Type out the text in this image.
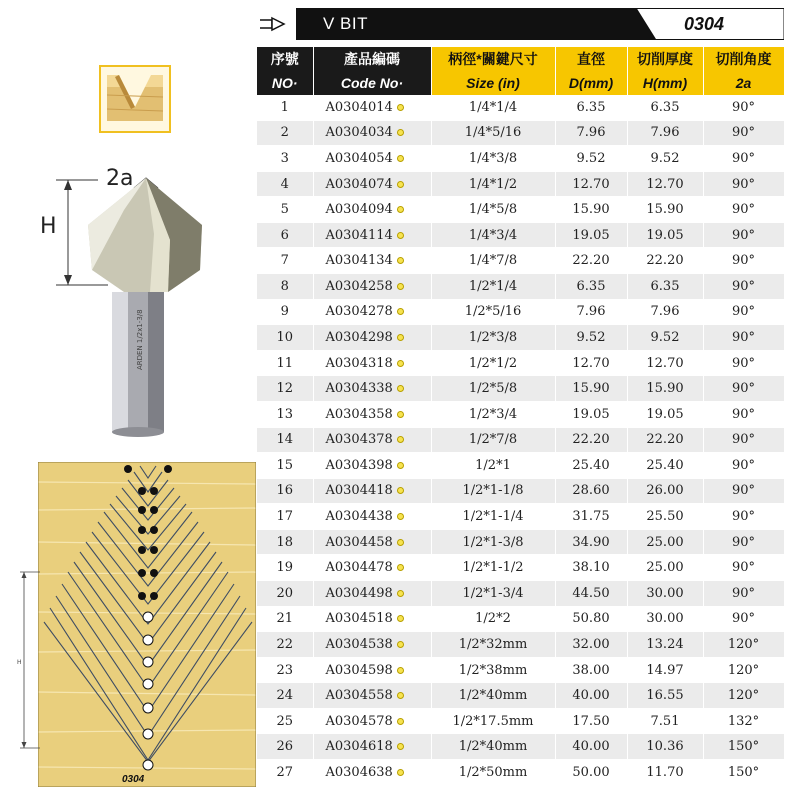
2a
H
ARDEN 1/2x1-3/8
0304
H
V BIT	0304
序號	產品編碼	柄徑*關鍵尺寸	直徑	切削厚度	切削角度
NO·	Code No·	Size (in)	D(mm)	H(mm)	2a
1	A0304014	1/4*1/4	6.35	6.35	90°
2	A0304034	1/4*5/16	7.96	7.96	90°
3	A0304054	1/4*3/8	9.52	9.52	90°
4	A0304074	1/4*1/2	12.70	12.70	90°
5	A0304094	1/4*5/8	15.90	15.90	90°
6	A0304114	1/4*3/4	19.05	19.05	90°
7	A0304134	1/4*7/8	22.20	22.20	90°
8	A0304258	1/2*1/4	6.35	6.35	90°
9	A0304278	1/2*5/16	7.96	7.96	90°
10	A0304298	1/2*3/8	9.52	9.52	90°
11	A0304318	1/2*1/2	12.70	12.70	90°
12	A0304338	1/2*5/8	15.90	15.90	90°
13	A0304358	1/2*3/4	19.05	19.05	90°
14	A0304378	1/2*7/8	22.20	22.20	90°
15	A0304398	1/2*1	25.40	25.40	90°
16	A0304418	1/2*1-1/8	28.60	26.00	90°
17	A0304438	1/2*1-1/4	31.75	25.50	90°
18	A0304458	1/2*1-3/8	34.90	25.00	90°
19	A0304478	1/2*1-1/2	38.10	25.00	90°
20	A0304498	1/2*1-3/4	44.50	30.00	90°
21	A0304518	1/2*2	50.80	30.00	90°
22	A0304538	1/2*32mm	32.00	13.24	120°
23	A0304598	1/2*38mm	38.00	14.97	120°
24	A0304558	1/2*40mm	40.00	16.55	120°
25	A0304578	1/2*17.5mm	17.50	7.51	132°
26	A0304618	1/2*40mm	40.00	10.36	150°
27	A0304638	1/2*50mm	50.00	11.70	150°
